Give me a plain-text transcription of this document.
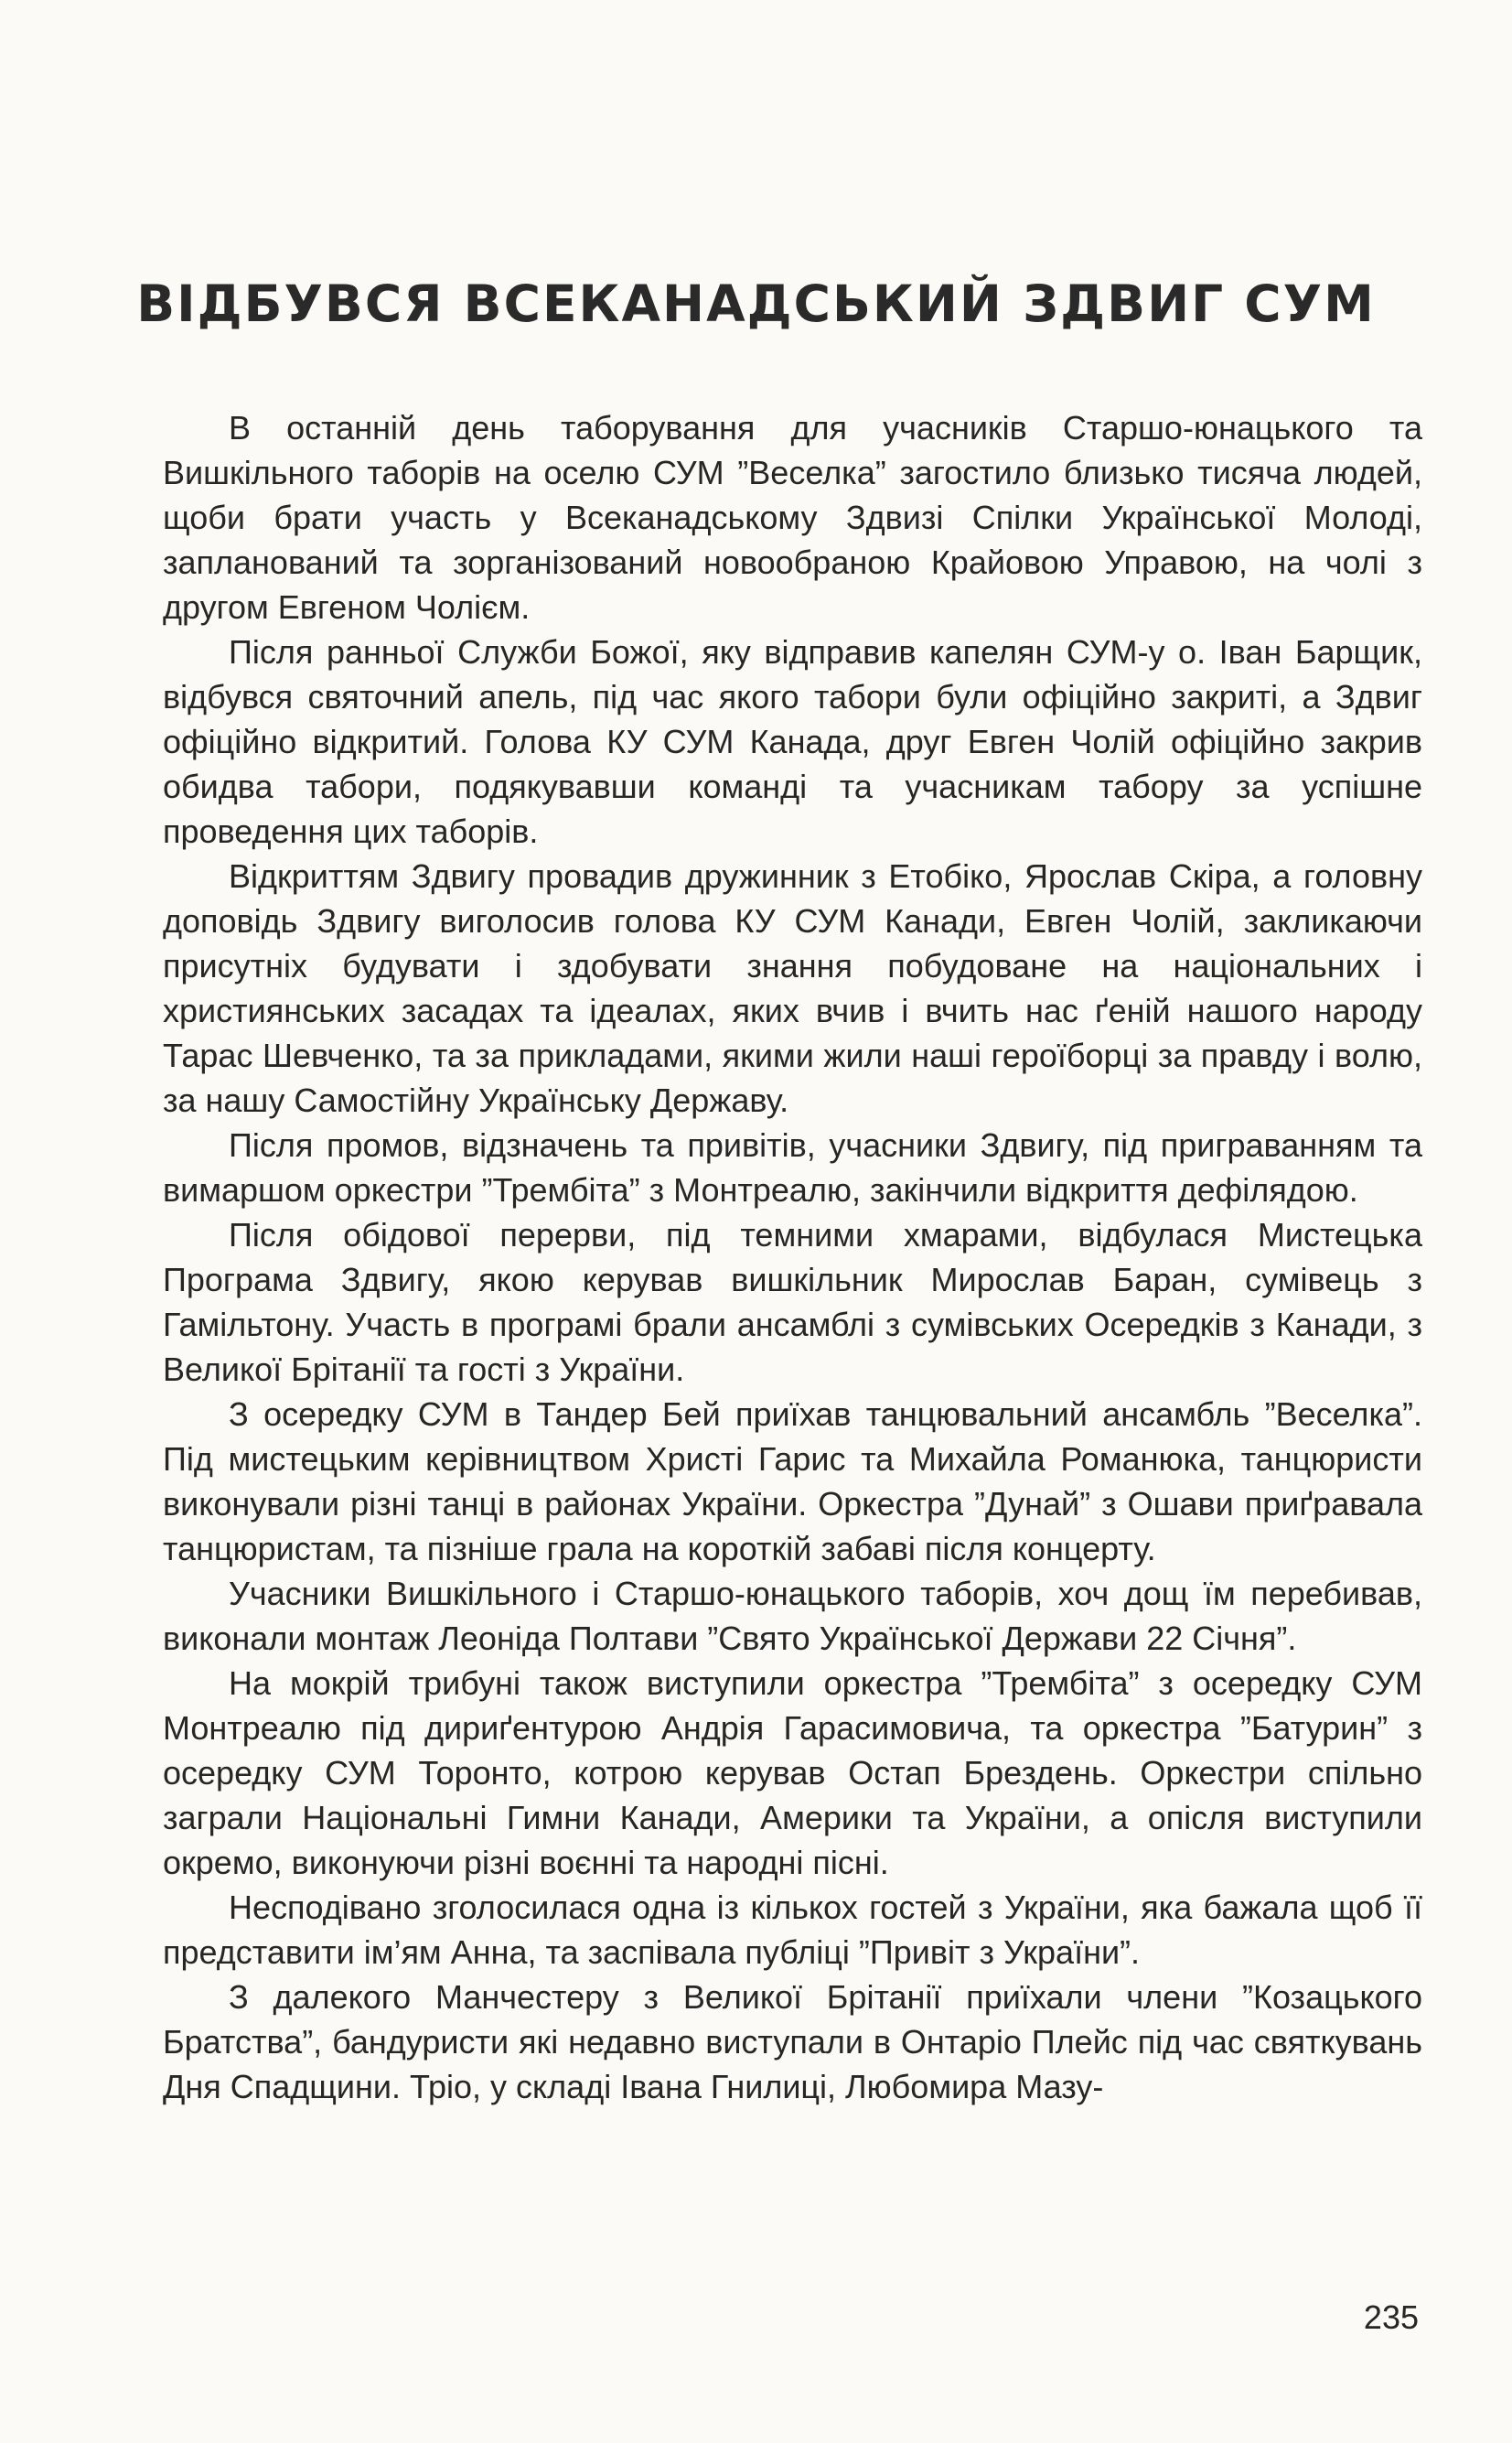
ВІДБУВСЯ ВСЕКАНАДСЬКИЙ ЗДВИГ СУМ

В останній день таборування для учасників Старшо-юнацького та Вишкільного таборів на оселю СУМ ”Веселка” загостило близько тисяча людей, щоби брати участь у Всеканадському Здвизі Спілки Української Молоді, запланований та зорганізований новообраною Крайовою Управою, на чолі з другом Евгеном Чолієм.

Після ранньої Служби Божої, яку відправив капелян СУМ-у о. Іван Барщик, відбувся святочний апель, під час якого табори були офіційно закриті, а Здвиг офіційно відкритий. Голова КУ СУМ Канада, друг Евген Чолій офіційно закрив обидва табори, подякувавши команді та учасникам табору за успішне проведення цих таборів.

Відкриттям Здвигу провадив дружинник з Етобіко, Ярослав Скіра, а головну доповідь Здвигу виголосив голова КУ СУМ Канади, Евген Чолій, закликаючи присутніх будувати і здобувати знання побудоване на національних і християнських засадах та ідеалах, яких вчив і вчить нас ґеній нашого народу Тарас Шевченко, та за прикладами, якими жили наші героїборці за правду і волю, за нашу Самостійну Українську Державу.

Після промов, відзначень та привітів, учасники Здвигу, під приграванням та вимаршом оркестри ”Трембіта” з Монтреалю, закінчили відкриття дефілядою.

Після обідової перерви, під темними хмарами, відбулася Мистецька Програма Здвигу, якою керував вишкільник Мирослав Баран, сумівець з Гамільтону. Участь в програмі брали ансамблі з сумівських Осередків з Канади, з Великої Брітанії та гості з України.

З осередку СУМ в Тандер Бей приїхав танцювальний ансамбль ”Веселка”. Під мистецьким керівництвом Христі Гарис та Михайла Романюка, танцюристи виконували різні танці в районах України. Оркестра ”Дунай” з Ошави приґравала танцюристам, та пізніше грала на короткій забаві після концерту.

Учасники Вишкільного і Старшо-юнацького таборів, хоч дощ їм перебивав, виконали монтаж Леоніда Полтави ”Свято Української Держави 22 Січня”.

На мокрій трибуні також виступили оркестра ”Трембіта” з осередку СУМ Монтреалю під дириґентурою Андрія Гарасимовича, та оркестра ”Батурин” з осередку СУМ Торонто, котрою керував Остап Брездень. Оркестри спільно заграли Національні Гимни Канади, Америки та України, а опісля виступили окремо, виконуючи різні воєнні та народні пісні.

Несподівано зголосилася одна із кількох гостей з України, яка бажала щоб її представити ім’ям Анна, та заспівала публіці ”Привіт з України”.

З далекого Манчестеру з Великої Брітанії приїхали члени ”Козацького Братства”, бандуристи які недавно виступали в Онтаріо Плейс під час святкувань Дня Спадщини. Тріо, у складі Івана Гнилиці, Любомира Мазу-

235
